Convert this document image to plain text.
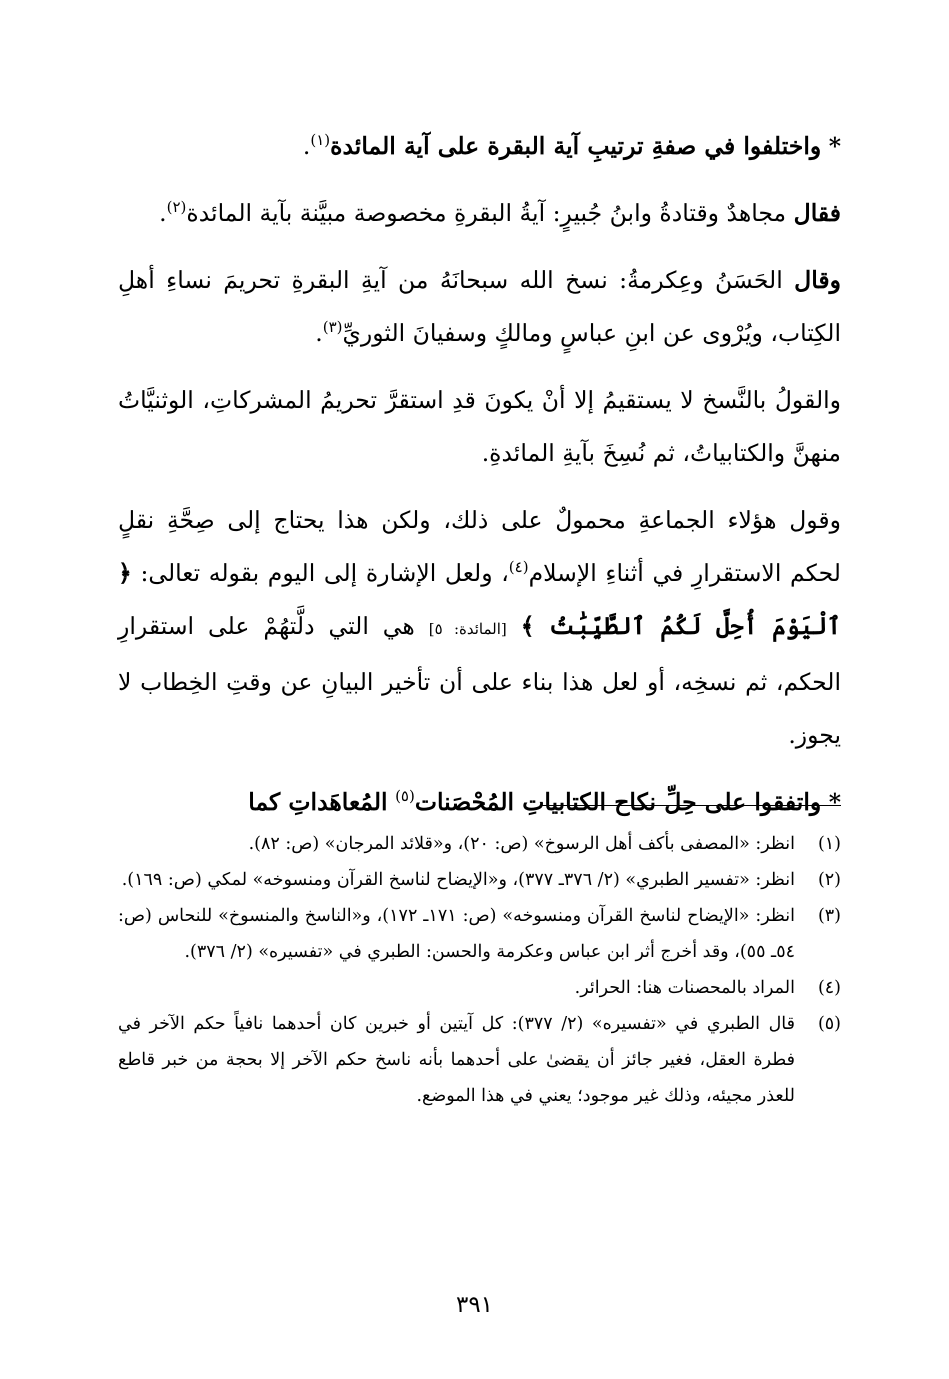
* واختلفوا في صفةِ ترتيبِ آية البقرة على آية المائدة$^{(١)}$.

فقال مجاهدٌ وقتادةُ وابنُ جُبيرٍ: آيةُ البقرةِ مخصوصة مبيَّنة بآية المائدة$^{(٢)}$.

وقال الحَسَنُ وعِكرمةُ: نسخ الله سبحانَهُ من آيةِ البقرةِ تحريمَ نساءِ أهلِ الكِتاب، ويُرْوى عن ابنِ عباسٍ ومالكٍ وسفيانَ الثوريِّ$^{(٣)}$.

والقولُ بالنَّسخ لا يستقيمُ إلا أنْ يكونَ قدِ استقرَّ تحريمُ المشركاتِ، الوثنيَّاتُ منهنَّ والكتابياتُ، ثم نُسِخَ بآيةِ المائدةِ.

وقول هؤلاء الجماعةِ محمولٌ على ذلك، ولكن هذا يحتاج إلى صِحَّةِ نقلٍ لحكم الاستقرارِ في أثناءِ الإسلام$^{(٤)}$، ولعل الإشارة إلى اليوم بقوله تعالى: ﴿ ٱلْيَوْمَ أُحِلَّ لَكُمُ ٱلطَّيِّبَٰتُ ﴾ [المائدة: ٥] هي التي دلَّتهُمْ على استقرارِ الحكم، ثم نسخِه، أو لعل هذا بناء على أن تأخير البيانِ عن وقتِ الخِطاب لا يجوز.

* واتفقوا على حِلِّ نكاح الكتابياتِ المُحْصَنات$^{(٥)}$ المُعاهَداتِ كما

(١)
انظر: «المصفى بأكف أهل الرسوخ» (ص: ٢٠)، و«قلائد المرجان» (ص: ٨٢).
(٢)
انظر: «تفسير الطبري» (٢/ ٣٧٦ـ ٣٧٧)، و«الإيضاح لناسخ القرآن ومنسوخه» لمكي (ص: ١٦٩).
(٣)
انظر: «الإيضاح لناسخ القرآن ومنسوخه» (ص: ١٧١ـ ١٧٢)، و«الناسخ والمنسوخ» للنحاس (ص: ٥٤ـ ٥٥)، وقد أخرج أثر ابن عباس وعكرمة والحسن: الطبري في «تفسيره» (٢/ ٣٧٦).
(٤)
المراد بالمحصنات هنا: الحرائر.
(٥)
قال الطبري في «تفسيره» (٢/ ٣٧٧): كل آيتين أو خبرين كان أحدهما نافياً حكم الآخر في فطرة العقل، فغير جائز أن يقضىٰ على أحدهما بأنه ناسخ حكم الآخر إلا بحجة من خبر قاطع للعذر مجيئه، وذلك غير موجود؛ يعني في هذا الموضع.
٣٩١
